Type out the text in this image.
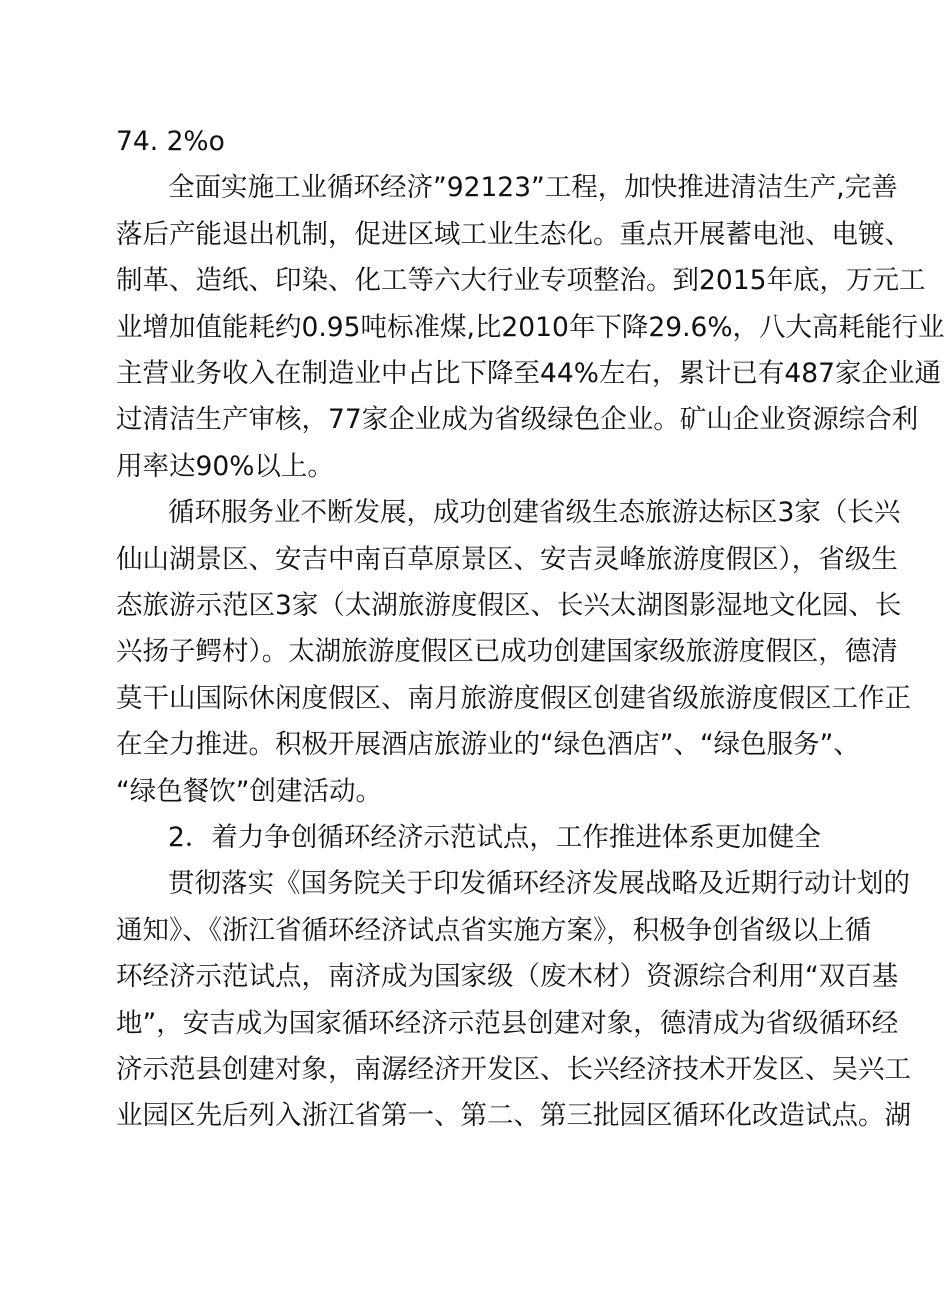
74. 2%o
全面实施工业循环经济”92123”工程，加快推进清洁生产,完善
落后产能退出机制，促进区域工业生态化。重点开展蓄电池、电镀、
制革、造纸、印染、化工等六大行业专项整治。到2015年底，万元工
业增加值能耗约0.95吨标准煤,比2010年下降29.6%，八大高耗能行业
主营业务收入在制造业中占比下降至44%左右，累计已有487家企业通
过清洁生产审核，77家企业成为省级绿色企业。矿山企业资源综合利
用率达90%以上。
循环服务业不断发展，成功创建省级生态旅游达标区3家（长兴
仙山湖景区、安吉中南百草原景区、安吉灵峰旅游度假区），省级生
态旅游示范区3家（太湖旅游度假区、长兴太湖图影湿地文化园、长
兴扬子鳄村）。太湖旅游度假区已成功创建国家级旅游度假区，德清
莫干山国际休闲度假区、南月旅游度假区创建省级旅游度假区工作正
在全力推进。积极开展酒店旅游业的“绿色酒店”、“绿色服务”、
“绿色餐饮”创建活动。
2．着力争创循环经济示范试点，工作推进体系更加健全
贯彻落实《国务院关于印发循环经济发展战略及近期行动计划的
通知》、《浙江省循环经济试点省实施方案》，积极争创省级以上循
环经济示范试点，南济成为国家级（废木材）资源综合利用“双百基
地”，安吉成为国家循环经济示范县创建对象，德清成为省级循环经
济示范县创建对象，南潺经济开发区、长兴经济技术开发区、吴兴工
业园区先后列入浙江省第一、第二、第三批园区循环化改造试点。湖
